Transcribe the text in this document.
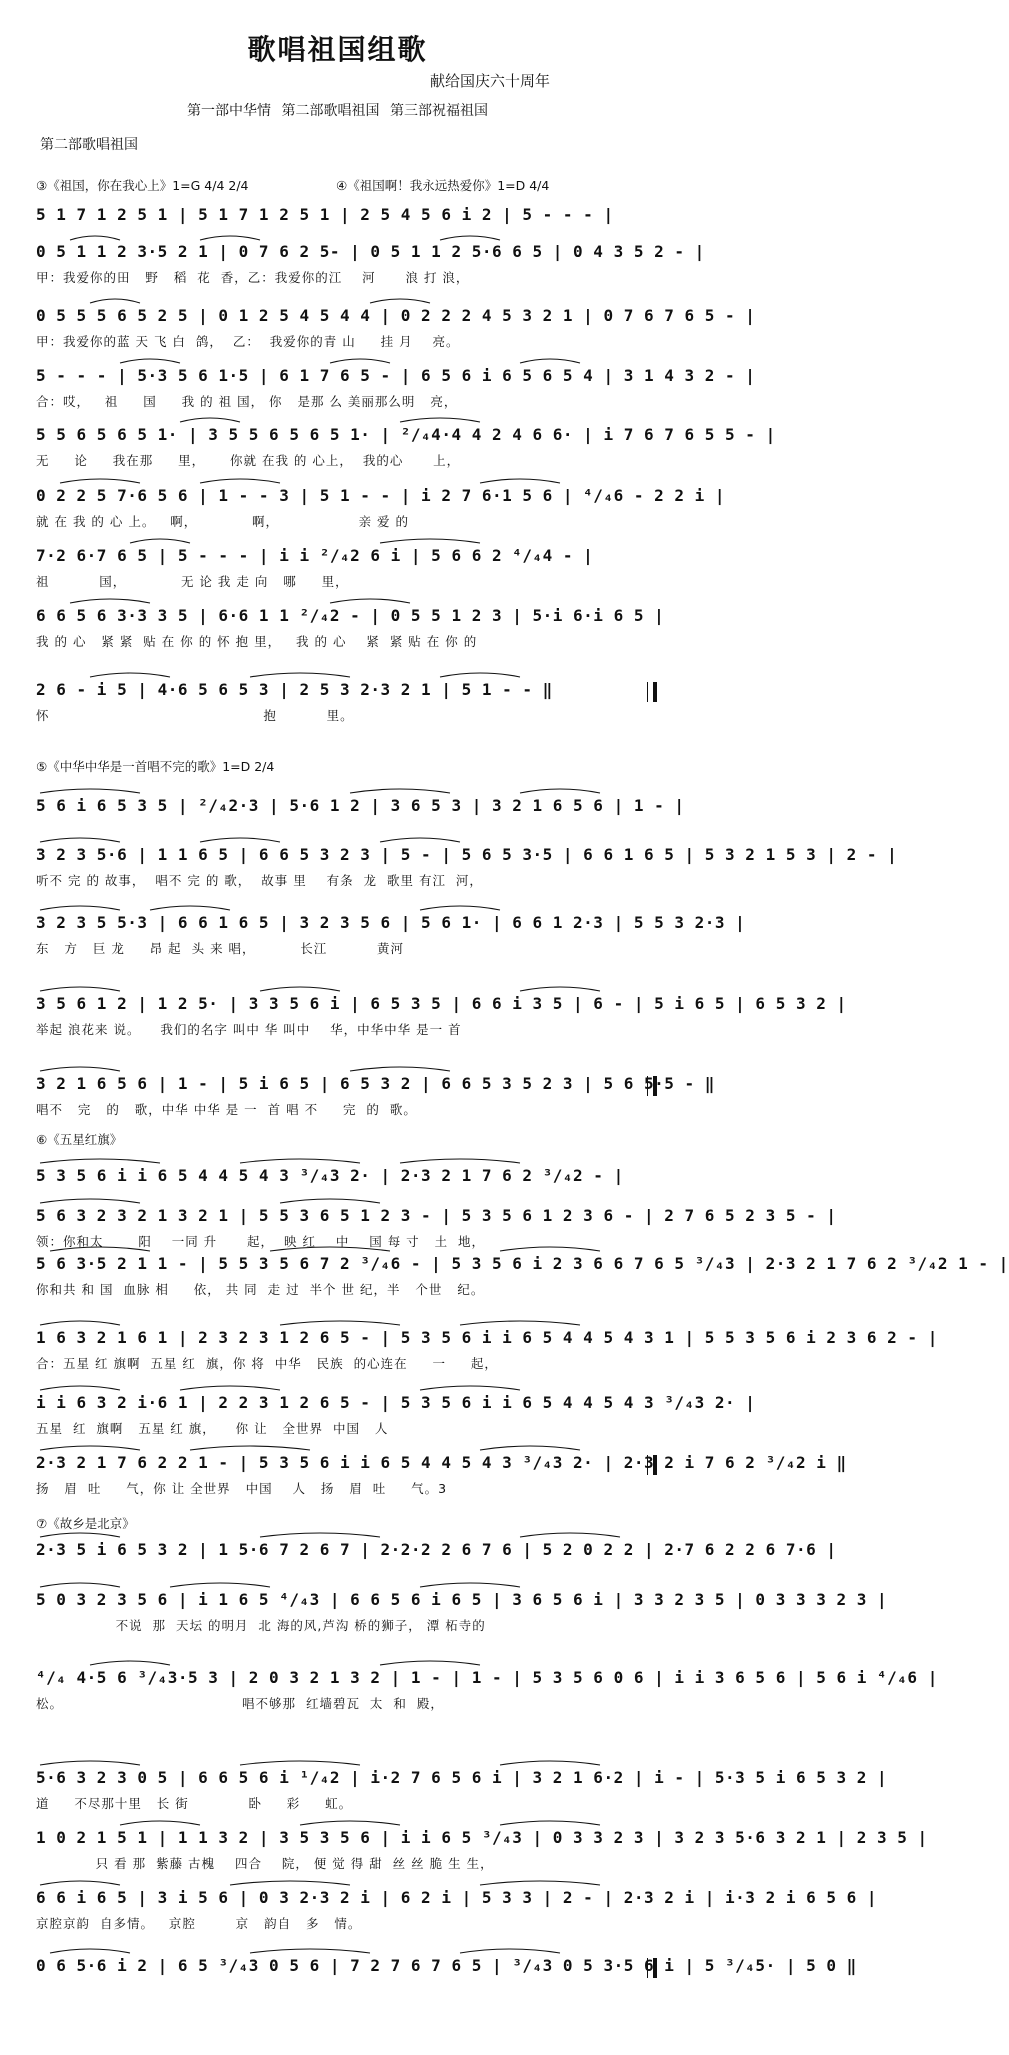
歌唱祖国组歌
献给国庆六十周年
第一部中华情 第二部歌唱祖国 第三部祝福祖国
第二部歌唱祖国
③《祖国，你在我心上》1=G 4/4 2/4	④《祖国啊！我永远热爱你》1=D 4/4
⑤《中华中华是一首唱不完的歌》1=D 2/4
⑥《五星红旗》
⑦《故乡是北京》
5 1 7 1 2 5 1 | 5 1 7 1 2 5 1 | 2 5 4 5 6 i 2 | 5 - - - |
0 5 1 1 2 3·5 2 1 | 0 7 6 2 5- | 0 5 1 1 2 5·6 6 5 | 0 4 3 5 2 - |
甲：我爱你的田   野   稻  花  香，乙：我爱你的江    河      浪 打 浪，
0 5 5 5 6 5 2 5 | 0 1 2 5 4 5 4 4 | 0 2 2 2 4 5 3 2 1 | 0 7 6 7 6 5 - |
甲：我爱你的蓝 天 飞 白  鸽，  乙：  我爱你的青 山     挂 月    亮。
5 - - - | 5·3 5 6 1·5 | 6 1 7 6 5 - | 6 5 6 i 6 5 6 5 4 | 3 1 4 3 2 - |
合：哎，   祖     国     我 的 祖 国， 你   是那 么 美丽那么明   亮，
5 5 6 5 6 5 1· | 3 5 5 6 5 6 5 1· | ²/₄4·4 4 2 4 6 6· | i 7 6 7 6 5 5 - |
无     论     我在那     里，     你就 在我 的 心上，  我的心      上，
0 2 2 5 7·6 5 6 | 1 - - 3 | 5 1 - - | i 2 7 6·1 5 6 | ⁴/₄6 - 2 2 i |
就 在 我 的 心 上。   啊，           啊，                亲 爱 的
7·2 6·7 6 5 | 5 - - - | i i ²/₄2 6 i | 5 6 6 2 ⁴/₄4 - |
祖          国，           无 论 我 走 向   哪     里，
6 6 5 6 3·3 3 5 | 6·6 1 1 ²/₄2 - | 0 5 5 1 2 3 | 5·i 6·i 6 5 |
我 的 心   紧 紧  贴 在 你 的 怀 抱 里，   我 的 心    紧  紧 贴 在 你 的
2 6 - i 5 | 4·6 5 6 5 3 | 2 5 3 2·3 2 1 | 5 1 - - ‖
怀                                           抱          里。
5 6 i 6 5 3 5 | ²/₄2·3 | 5·6 1 2 | 3 6 5 3 | 3 2 1 6 5 6 | 1 - |
3 2 3 5·6 | 1 1 6 5 | 6 6 5 3 2 3 | 5 - | 5 6 5 3·5 | 6 6 1 6 5 | 5 3 2 1 5 3 | 2 - |
听不 完 的 故事，  唱不 完 的 歌，  故事 里    有条  龙  歌里 有江  河，
3 2 3 5 5·3 | 6 6 1 6 5 | 3 2 3 5 6 | 5 6 1· | 6 6 1 2·3 | 5 5 3 2·3 |
东   方   巨 龙     昂 起  头 来 唱，         长江          黄河
3 5 6 1 2 | 1 2 5· | 3 3 5 6 i | 6 5 3 5 | 6 6 i 3 5 | 6 - | 5 i 6 5 | 6 5 3 2 |
举起 浪花来 说。    我们的名字 叫中 华 叫中    华，中华中华 是一 首
3 2 1 6 5 6 | 1 - | 5 i 6 5 | 6 5 3 2 | 6 6 5 3 5 2 3 | 5 6 5·5 - ‖
唱不   完   的   歌，中华 中华 是 一  首 唱 不     完  的  歌。
5 3 5 6 i i 6 5 4 4 5 4 3 ³/₄3 2· | 2·3 2 1 7 6 2 ³/₄2 - |
5 6 3 2 3 2 1 3 2 1 | 5 5 3 6 5 1 2 3 - | 5 3 5 6 1 2 3 6 - | 2 7 6 5 2 3 5 - |
领：你和太       阳    一同 升      起，  映 红    中    国 每 寸   土  地，
5 6 3·5 2 1 1 - | 5 5 3 5 6 7 2 ³/₄6 - | 5 3 5 6 i 2 3 6 6 7 6 5 ³/₄3 | 2·3 2 1 7 6 2 ³/₄2 1 - |
你和共 和 国  血脉 相     依， 共 同  走 过  半个 世 纪，半   个世   纪。
1 6 3 2 1 6 1 | 2 3 2 3 1 2 6 5 - | 5 3 5 6 i i 6 5 4 4 5 4 3 1 | 5 5 3 5 6 i 2 3 6 2 - |
合：五星 红 旗啊  五星 红  旗，你 将  中华   民族  的心连在     一     起，
i i 6 3 2 i·6 1 | 2 2 3 1 2 6 5 - | 5 3 5 6 i i 6 5 4 4 5 4 3 ³/₄3 2· |
五星  红  旗啊   五星 红 旗，    你 让   全世界  中国   人
2·3 2 1 7 6 2 2 1 - | 5 3 5 6 i i 6 5 4 4 5 4 3 ³/₄3 2· | 2·3 2 i 7 6 2 ³/₄2 i ‖
扬   眉  吐     气，你 让 全世界   中国    人   扬   眉  吐     气。3
2·3 5 i 6 5 3 2 | 1 5·6 7 2 6 7 | 2·2·2 2 6 7 6 | 5 2 0 2 2 | 2·7 6 2 2 6 7·6 |
5 0 3 2 3 5 6 | i 1 6 5 ⁴/₄3 | 6 6 5 6 i 6 5 | 3 6 5 6 i | 3 3 2 3 5 | 0 3 3 3 2 3 |
不说  那  天坛 的明月  北 海的风,芦沟 桥的狮子， 潭 柘寺的
⁴/₄ 4·5 6 ³/₄3·5 3 | 2 0 3 2 1 3 2 | 1 - | 1 - | 5 3 5 6 0 6 | i i 3 6 5 6 | 5 6 i ⁴/₄6 |
松。                                    唱不够那  红墙碧瓦  太  和  殿，
5·6 3 2 3 0 5 | 6 6 5 6 i ¹/₄2 | i·2 7 6 5 6 i | 3 2 1 6·2 | i - | 5·3 5 i 6 5 3 2 |
道     不尽那十里   长 街            卧     彩     虹。
1 0 2 1 5 1 | 1 1 3 2 | 3 5 3 5 6 | i i 6 5 ³/₄3 | 0 3 3 2 3 | 3 2 3 5·6 3 2 1 | 2 3 5 |
只 看 那  紫藤 古槐    四合    院， 便 觉 得 甜  丝 丝 脆 生 生，
6 6 i 6 5 | 3 i 5 6 | 0 3 2·3 2 i | 6 2 i | 5 3 3 | 2 - | 2·3 2 i | i·3 2 i 6 5 6 |
京腔京韵  自多情。   京腔        京   韵自   多   情。
0 6 5·6 i 2 | 6 5 ³/₄3 0 5 6 | 7 2 7 6 7 6 5 | ³/₄3 0 5 3·5 6 i | 5 ³/₄5· | 5 0 ‖
